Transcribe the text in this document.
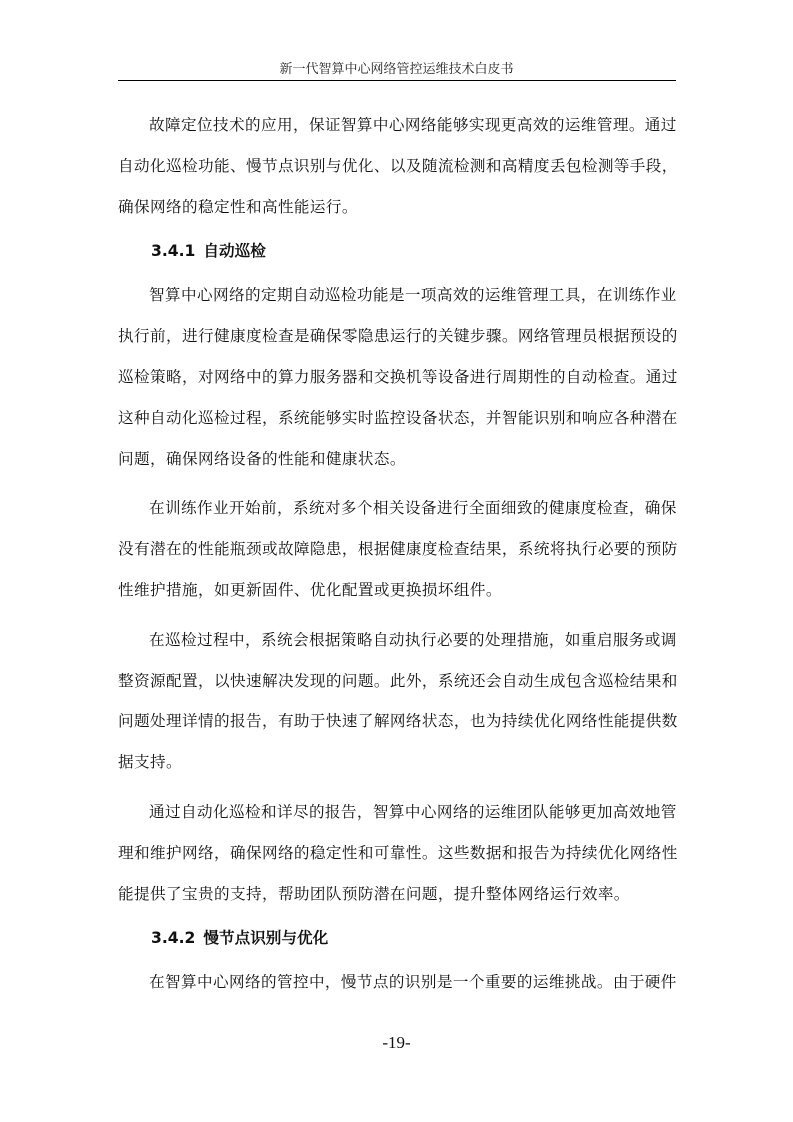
新一代智算中心网络管控运维技术白皮书
故障定位技术的应用，保证智算中心网络能够实现更高效的运维管理。通过
自动化巡检功能、慢节点识别与优化、以及随流检测和高精度丢包检测等手段，
确保网络的稳定性和高性能运行。
3.4.1 自动巡检
智算中心网络的定期自动巡检功能是一项高效的运维管理工具，在训练作业
执行前，进行健康度检查是确保零隐患运行的关键步骤。网络管理员根据预设的
巡检策略，对网络中的算力服务器和交换机等设备进行周期性的自动检查。通过
这种自动化巡检过程，系统能够实时监控设备状态，并智能识别和响应各种潜在
问题，确保网络设备的性能和健康状态。
在训练作业开始前，系统对多个相关设备进行全面细致的健康度检查，确保
没有潜在的性能瓶颈或故障隐患，根据健康度检查结果，系统将执行必要的预防
性维护措施，如更新固件、优化配置或更换损坏组件。
在巡检过程中，系统会根据策略自动执行必要的处理措施，如重启服务或调
整资源配置，以快速解决发现的问题。此外，系统还会自动生成包含巡检结果和
问题处理详情的报告，有助于快速了解网络状态，也为持续优化网络性能提供数
据支持。
通过自动化巡检和详尽的报告，智算中心网络的运维团队能够更加高效地管
理和维护网络，确保网络的稳定性和可靠性。这些数据和报告为持续优化网络性
能提供了宝贵的支持，帮助团队预防潜在问题，提升整体网络运行效率。
3.4.2 慢节点识别与优化
在智算中心网络的管控中，慢节点的识别是一个重要的运维挑战。由于硬件
-19-
